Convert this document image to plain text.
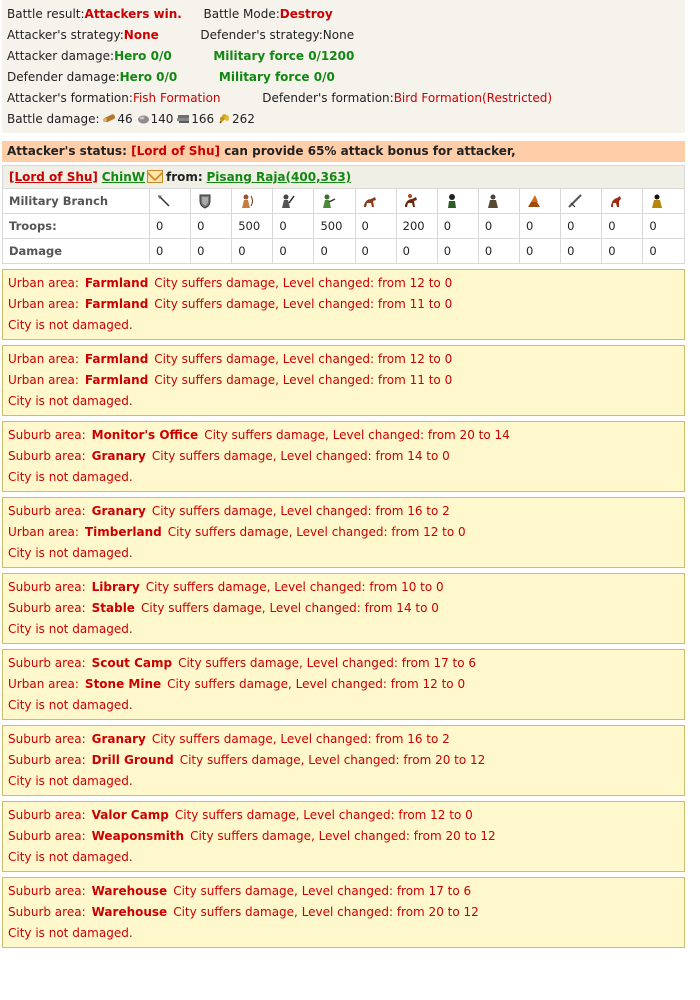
Battle result:Attackers win. Battle Mode:Destroy
Attacker's strategy:None	Defender's strategy:None
Attacker damage:Hero 0/0	Military force 0/1200
Defender damage:Hero 0/0	Military force 0/0
Attacker's formation:Fish Formation	Defender's formation:Bird Formation(Restricted)
Battle damage: 46 140 166 262
Attacker's status: [Lord of Shu] can provide 65% attack bonus for attacker,
[Lord of Shu] ChinW from: Pisang Raja(400,363)
Military Branch													
Troops:	0	0	500	0	500	0	200	0	0	0	0	0	0
Damage	0	0	0	0	0	0	0	0	0	0	0	0	0
Urban area: Farmland City suffers damage, Level changed: from 12 to 0
Urban area: Farmland City suffers damage, Level changed: from 11 to 0
City is not damaged.
Urban area: Farmland City suffers damage, Level changed: from 12 to 0
Urban area: Farmland City suffers damage, Level changed: from 11 to 0
City is not damaged.
Suburb area: Monitor's Office City suffers damage, Level changed: from 20 to 14
Suburb area: Granary City suffers damage, Level changed: from 14 to 0
City is not damaged.
Suburb area: Granary City suffers damage, Level changed: from 16 to 2
Urban area: Timberland City suffers damage, Level changed: from 12 to 0
City is not damaged.
Suburb area: Library City suffers damage, Level changed: from 10 to 0
Suburb area: Stable City suffers damage, Level changed: from 14 to 0
City is not damaged.
Suburb area: Scout Camp City suffers damage, Level changed: from 17 to 6
Urban area: Stone Mine City suffers damage, Level changed: from 12 to 0
City is not damaged.
Suburb area: Granary City suffers damage, Level changed: from 16 to 2
Suburb area: Drill Ground City suffers damage, Level changed: from 20 to 12
City is not damaged.
Suburb area: Valor Camp City suffers damage, Level changed: from 12 to 0
Suburb area: Weaponsmith City suffers damage, Level changed: from 20 to 12
City is not damaged.
Suburb area: Warehouse City suffers damage, Level changed: from 17 to 6
Suburb area: Warehouse City suffers damage, Level changed: from 20 to 12
City is not damaged.
